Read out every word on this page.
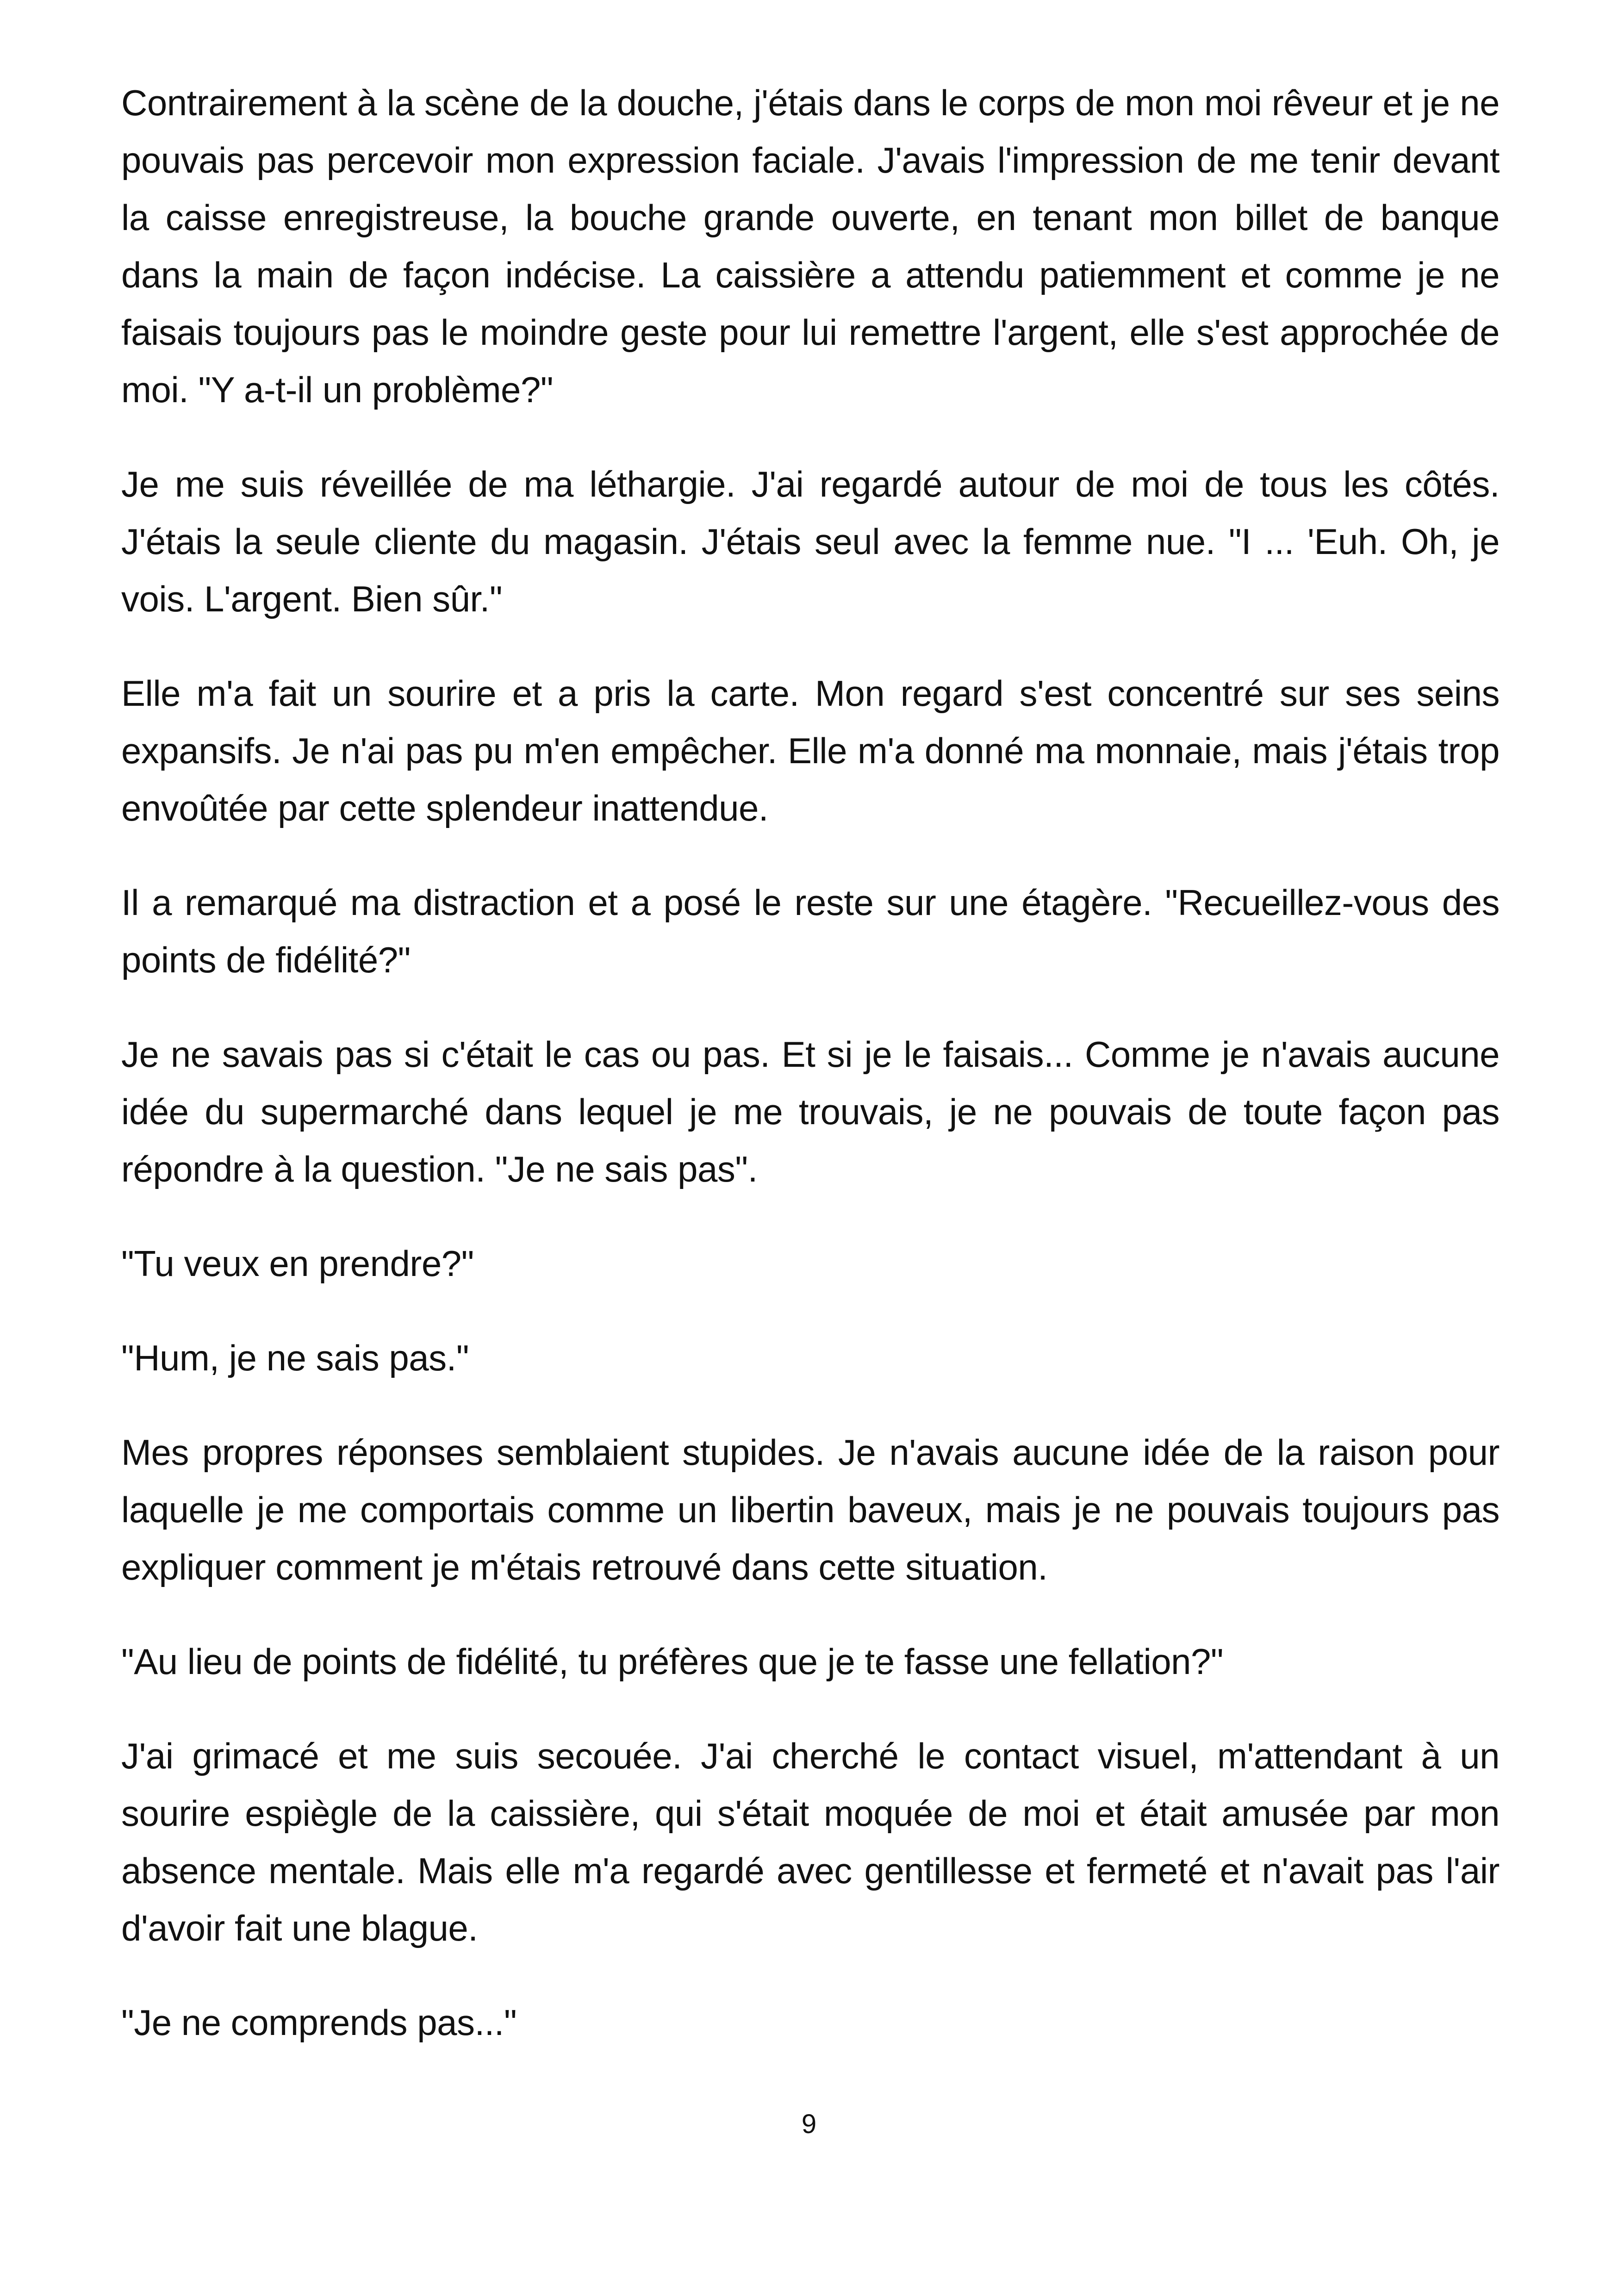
Contrairement à la scène de la douche, j'étais dans le corps de mon moi rêveur et je ne pouvais pas percevoir mon expression faciale. J'avais l'impression de me tenir devant la caisse enregistreuse, la bouche grande ouverte, en tenant mon billet de banque dans la main de façon indécise. La caissière a attendu patiemment et comme je ne faisais toujours pas le moindre geste pour lui remettre l'argent, elle s'est approchée de moi. "Y a-t-il un problème?"

Je me suis réveillée de ma léthargie. J'ai regardé autour de moi de tous les côtés. J'étais la seule cliente du magasin. J'étais seul avec la femme nue. "I ... 'Euh. Oh, je vois. L'argent. Bien sûr."

Elle m'a fait un sourire et a pris la carte. Mon regard s'est concentré sur ses seins expansifs. Je n'ai pas pu m'en empêcher. Elle m'a donné ma monnaie, mais j'étais trop envoûtée par cette splendeur inattendue.

Il a remarqué ma distraction et a posé le reste sur une étagère. "Recueillez-vous des points de fidélité?"

Je ne savais pas si c'était le cas ou pas. Et si je le faisais... Comme je n'avais aucune idée du supermarché dans lequel je me trouvais, je ne pouvais de toute façon pas répondre à la question. "Je ne sais pas".

"Tu veux en prendre?"

"Hum, je ne sais pas."

Mes propres réponses semblaient stupides. Je n'avais aucune idée de la raison pour laquelle je me comportais comme un libertin baveux, mais je ne pouvais toujours pas expliquer comment je m'étais retrouvé dans cette situation.

"Au lieu de points de fidélité, tu préfères que je te fasse une fellation?"

J'ai grimacé et me suis secouée. J'ai cherché le contact visuel, m'attendant à un sourire espiègle de la caissière, qui s'était moquée de moi et était amusée par mon absence mentale. Mais elle m'a regardé avec gentillesse et fermeté et n'avait pas l'air d'avoir fait une blague.

"Je ne comprends pas..."

9
